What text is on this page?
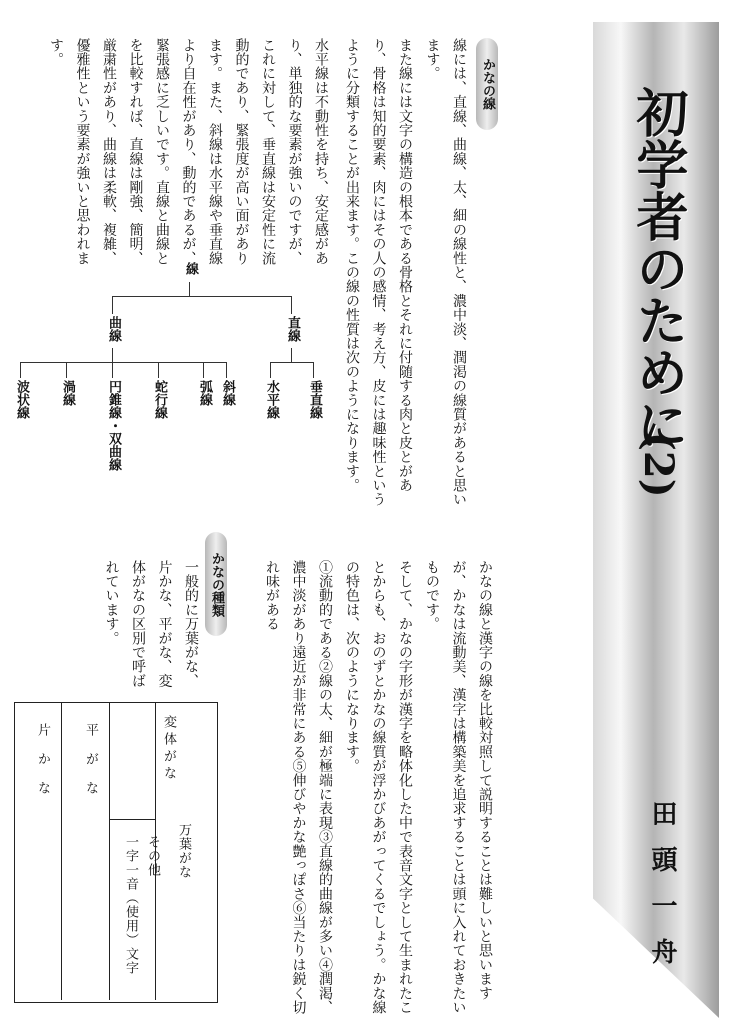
初学者のために
(2)
田頭一舟
かなの線
線には、直線、曲線、太、細の線性と、濃中淡、潤渇の線質があると思います。
また線には文字の構造の根本である骨格とそれに付随する肉と皮とがあり、骨格は知的要素、肉にはその人の感情、考え方、皮には趣味性というように分類することが出来ます。この線の性質は次のようになります。
水平線は不動性を持ち、安定感があり、単独的な要素が強いのですが、これに対して、垂直線は安定性に流動的であり、緊張度が高い面があります。また、斜線は水平線や垂直線より自在性があり、動的であるが、緊張感に乏しいです。直線と曲線とを比較すれば、直線は剛強、簡明、厳粛性があり、曲線は柔軟、複雑、優雅性という要素が強いと思われます。
線
直線
垂直線
水平線
曲線
斜線
弧線
蛇行線
円錐線・双曲線
渦線
波状線
かなの線と漢字の線を比較対照して説明することは難しいと思いますが、かなは流動美、漢字は構築美を追求することは頭に入れておきたいものです。
そして、かなの字形が漢字を略体化した中で表音文字として生まれたことからも、おのずとかなの線質が浮かびあがってくるでしょう。かな線の特色は、次のようになります。
①流動的である②線の太、細が極端に表現③直線的曲線が多い④潤渇、濃中淡があり遠近が非常にある⑤伸びやかな艶っぽさ⑥当たりは鋭く切れ味がある
かなの種類
一般的に万葉がな、片かな、平がな、変体がなの区別で呼ばれています。
万葉がな
その他
一字一音（使用）文字
変体がな
平がな
片かな
